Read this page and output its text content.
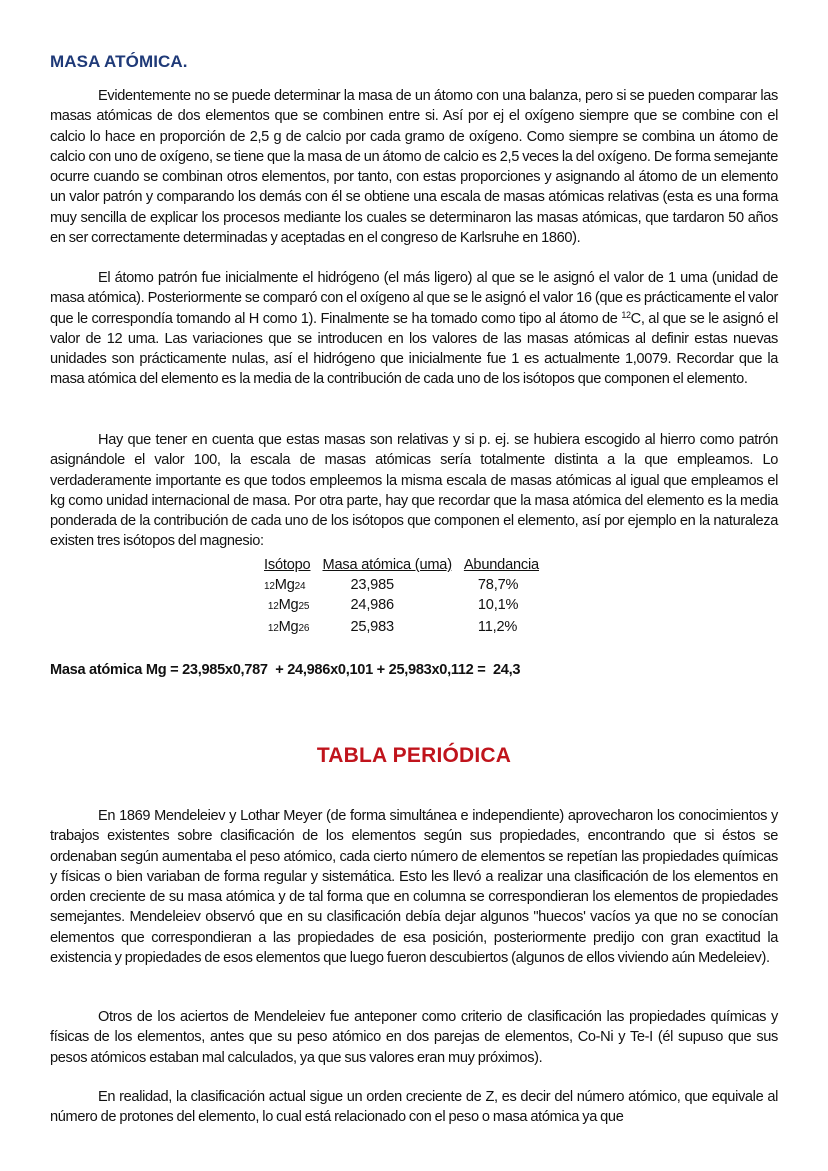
MASA ATÓMICA.

Evidentemente no se puede determinar la masa de un átomo con una balanza, pero si se pueden comparar las masas atómicas de dos elementos que se combinen entre si. Así por ej el oxígeno siempre que se combine con el calcio lo hace en proporción de 2,5 g de calcio por cada gramo de oxígeno. Como siempre se combina un átomo de calcio con uno de oxígeno, se tiene que la masa de un átomo de calcio es 2,5 veces la del oxígeno. De forma semejante ocurre cuando se combinan otros elementos, por tanto, con estas proporciones y asignando al átomo de un elemento un valor patrón y comparando los demás con él se obtiene una escala de masas atómicas relativas (esta es una forma muy sencilla de explicar los procesos mediante los cuales se determinaron las masas atómicas, que tardaron 50 años en ser correctamente determinadas y aceptadas en el congreso de Karlsruhe en 1860).

El átomo patrón fue inicialmente el hidrógeno (el más ligero) al que se le asignó el valor de 1 uma (unidad de masa atómica). Posteriormente se comparó con el oxígeno al que se le asignó el valor 16 (que es prácticamente el valor que le correspondía tomando al H como 1). Finalmente se ha tomado como tipo al átomo de $^{12}$C, al que se le asignó el valor de 12 uma. Las variaciones que se introducen en los valores de las masas atómicas al definir estas nuevas unidades son prácticamente nulas, así el hidrógeno que inicialmente fue 1 es actualmente 1,0079. Recordar que la masa atómica del elemento es la media de la contribución de cada uno de los isótopos que componen el elemento.

Hay que tener en cuenta que estas masas son relativas y si p. ej. se hubiera escogido al hierro como patrón asignándole el valor 100, la escala de masas atómicas sería totalmente distinta a la que empleamos. Lo verdaderamente importante es que todos empleemos la misma escala de masas atómicas al igual que empleamos el kg como unidad internacional de masa. Por otra parte, hay que recordar que la masa atómica del elemento es la media ponderada de la contribución de cada uno de los isótopos que componen el elemento, así por ejemplo en la naturaleza existen tres isótopos del magnesio:

Isótopo	Masa atómica (uma)	Abundancia
12Mg24	23,985	78,7%
12Mg25	24,986	10,1%
12Mg26	25,983	11,2%
Masa atómica Mg = 23,985x0,787  + 24,986x0,101 + 25,983x0,112 =  24,3
TABLA PERIÓDICA

En 1869 Mendeleiev y Lothar Meyer (de forma simultánea e independiente) aprovecharon los conocimientos y trabajos existentes sobre clasificación de los elementos según sus propiedades, encontrando que si éstos se ordenaban según aumentaba el peso atómico, cada cierto número de elementos se repetían las propiedades químicas y físicas o bien variaban de forma regular y sistemática. Esto les llevó a realizar una clasificación de los elementos en orden creciente de su masa atómica y de tal forma que en columna se correspondieran los elementos de propiedades semejantes. Mendeleiev observó que en su clasificación debía dejar algunos "huecos' vacíos ya que no se conocían elementos que correspondieran a las propiedades de esa posición, posteriormente predijo con gran exactitud la existencia y propiedades de esos elementos que luego fueron descubiertos (algunos de ellos viviendo aún Medeleiev).

Otros de los aciertos de Mendeleiev fue anteponer como criterio de clasificación las propiedades químicas y físicas de los elementos, antes que su peso atómico en dos parejas de elementos, Co-Ni y Te-I (él supuso que sus pesos atómicos estaban mal calculados, ya que sus valores eran muy próximos).

En realidad, la clasificación actual sigue un orden creciente de Z, es decir del número atómico, que equivale al número de protones del elemento, lo cual está relacionado con el peso o masa atómica ya que
